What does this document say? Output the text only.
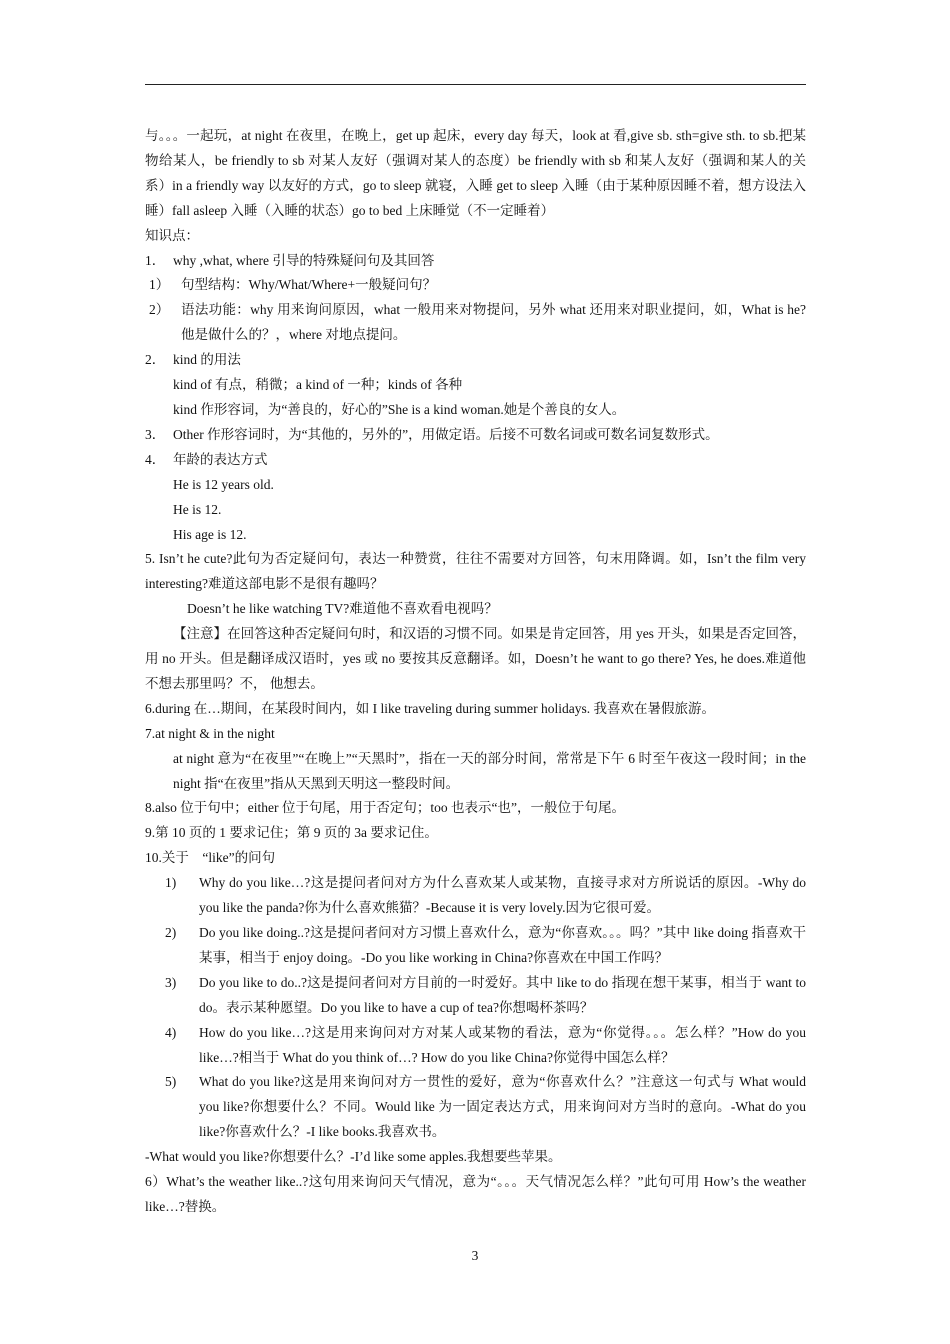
与。。。一起玩，at night 在夜里，在晚上，get up 起床，every day 每天，look at 看,give sb. sth=give sth. to sb.把某物给某人，be friendly to sb 对某人友好（强调对某人的态度）be friendly with sb 和某人友好（强调和某人的关系）in a friendly way 以友好的方式，go to sleep 就寝，入睡 get to sleep 入睡（由于某种原因睡不着，想方设法入睡）fall asleep 入睡（入睡的状态）go to bed 上床睡觉（不一定睡着）

知识点：

1． why ,what, where 引导的特殊疑问句及其回答

1） 句型结构：Why/What/Where+一般疑问句？

2） 语法功能：why 用来询问原因，what 一般用来对物提问，另外 what 还用来对职业提问，如，What is he? 他是做什么的？，where 对地点提问。

2． kind 的用法

kind of 有点，稍微；a kind of 一种；kinds of 各种

kind 作形容词，为“善良的，好心的”She is a kind woman.她是个善良的女人。

3． Other 作形容词时，为“其他的，另外的”，用做定语。后接不可数名词或可数名词复数形式。

4． 年龄的表达方式

He is 12 years old.

He is 12.

His age is 12.

5. Isn’t he cute?此句为否定疑问句，表达一种赞赏，往往不需要对方回答，句末用降调。如，Isn’t the film very interesting?难道这部电影不是很有趣吗？

Doesn’t he like watching TV?难道他不喜欢看电视吗？

【注意】在回答这种否定疑问句时，和汉语的习惯不同。如果是肯定回答，用 yes 开头，如果是否定回答，用 no 开头。但是翻译成汉语时，yes 或 no 要按其反意翻译。如，Doesn’t he want to go there? Yes, he does.难道他不想去那里吗？不， 他想去。

6.during 在…期间，在某段时间内，如 I like traveling during summer holidays. 我喜欢在暑假旅游。

7.at night & in the night

at night 意为“在夜里”“在晚上”“天黑时”，指在一天的部分时间，常常是下午 6 时至午夜这一段时间；in the night 指“在夜里”指从天黑到天明这一整段时间。

8.also 位于句中；either 位于句尾，用于否定句；too 也表示“也”，一般位于句尾。

9.第 10 页的 1 要求记住；第 9 页的 3a 要求记住。

10.关于　“like”的问句

1) Why do you like…?这是提问者问对方为什么喜欢某人或某物，直接寻求对方所说话的原因。-Why do you like the panda?你为什么喜欢熊猫？-Because it is very lovely.因为它很可爱。

2) Do you like doing..?这是提问者问对方习惯上喜欢什么，意为“你喜欢。。。吗？”其中 like doing 指喜欢干某事，相当于 enjoy doing。-Do you like working in China?你喜欢在中国工作吗？

3) Do you like to do..?这是提问者问对方目前的一时爱好。其中 like to do 指现在想干某事，相当于 want to do。表示某种愿望。Do you like to have a cup of tea?你想喝杯茶吗？

4) How do you like…?这是用来询问对方对某人或某物的看法，意为“你觉得。。。怎么样？”How do you like…?相当于 What do you think of…? How do you like China?你觉得中国怎么样？

5) What do you like?这是用来询问对方一贯性的爱好，意为“你喜欢什么？”注意这一句式与 What would you like?你想要什么？不同。Would like 为一固定表达方式，用来询问对方当时的意向。-What do you like?你喜欢什么？-I like books.我喜欢书。

-What would you like?你想要什么？-I’d like some apples.我想要些苹果。

6）What’s the weather like..?这句用来询问天气情况，意为“。。。天气情况怎么样？”此句可用 How’s the weather like…?替换。

3
